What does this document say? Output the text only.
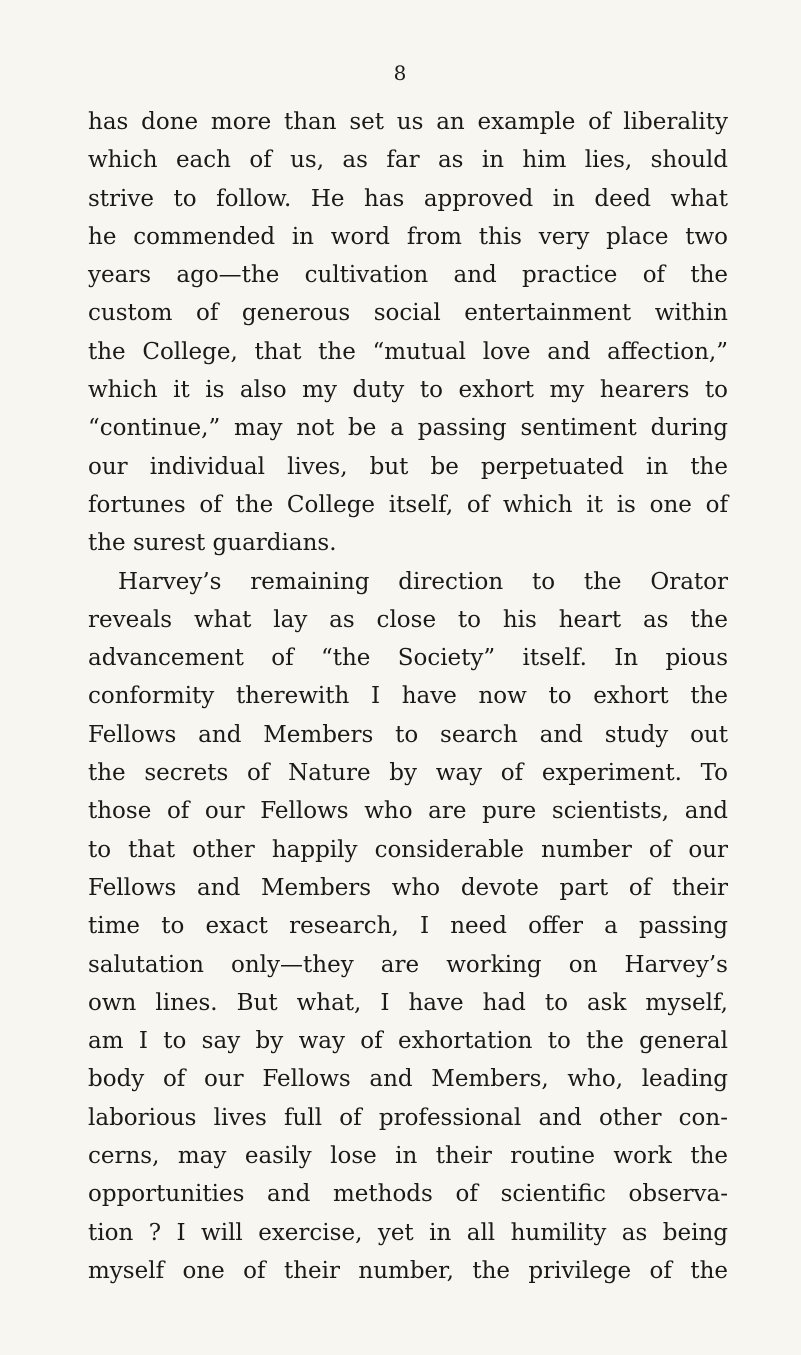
8
has done more than set us an example of liberality
which each of us, as far as in him lies, should
strive to follow. He has approved in deed what
he commended in word from this very place two
years ago—the cultivation and practice of the
custom of generous social entertainment within
the College, that the “mutual love and affection,”
which it is also my duty to exhort my hearers to
“continue,” may not be a passing sentiment during
our individual lives, but be perpetuated in the
fortunes of the College itself, of which it is one of
the surest guardians.
Harvey’s remaining direction to the Orator
reveals what lay as close to his heart as the
advancement of “the Society” itself. In pious
conformity therewith I have now to exhort the
Fellows and Members to search and study out
the secrets of Nature by way of experiment. To
those of our Fellows who are pure scientists, and
to that other happily considerable number of our
Fellows and Members who devote part of their
time to exact research, I need offer a passing
salutation only—they are working on Harvey’s
own lines. But what, I have had to ask myself,
am I to say by way of exhortation to the general
body of our Fellows and Members, who, leading
laborious lives full of professional and other con-
cerns, may easily lose in their routine work the
opportunities and methods of scientific observa-
tion ? I will exercise, yet in all humility as being
myself one of their number, the privilege of the
